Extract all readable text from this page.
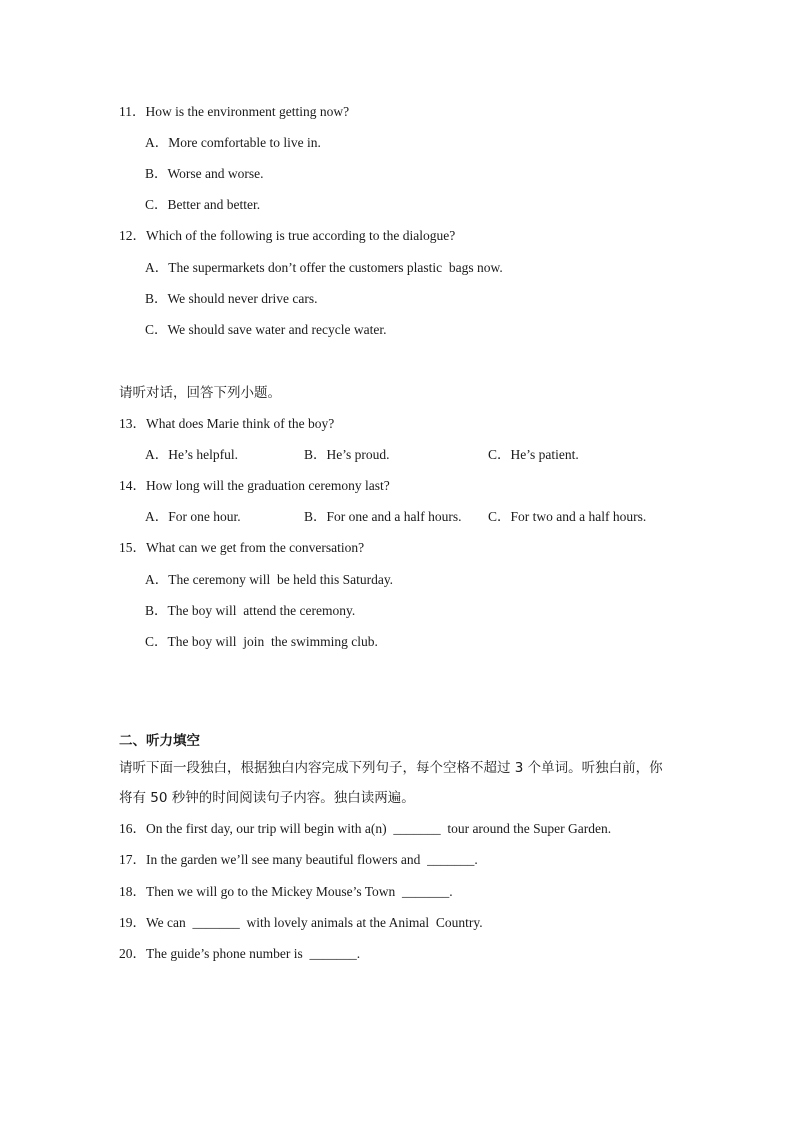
11．How is the environment getting now?
A．More comfortable to live in.
B．Worse and worse.
C．Better and better.
12．Which of the following is true according to the dialogue?
A．The supermarkets don’t offer the customers plastic  bags now.
B．We should never drive cars.
C．We should save water and recycle water.
请听对话，回答下列小题。
13．What does Marie think of the boy?
A．He’s helpful.	B．He’s proud.	C．He’s patient.
14．How long will the graduation ceremony last?
A．For one hour.	B．For one and a half hours. C．For two and a half hours.
15．What can we get from the conversation?
A．The ceremony will  be held this Saturday.
B．The boy will  attend the ceremony.
C．The boy will  join  the swimming club.
二、听力填空
请听下面一段独白，根据独白内容完成下列句子，每个空格不超过 3 个单词。听独白前，你
将有 50 秒钟的时间阅读句子内容。独白读两遍。
16．On the first day, our trip will begin with a(n)  _______  tour around the Super Garden.
17．In the garden we’ll see many beautiful flowers and  _______.
18．Then we will go to the Mickey Mouse’s Town  _______.
19．We can  _______  with lovely animals at the Animal  Country.
20．The guide’s phone number is  _______.
